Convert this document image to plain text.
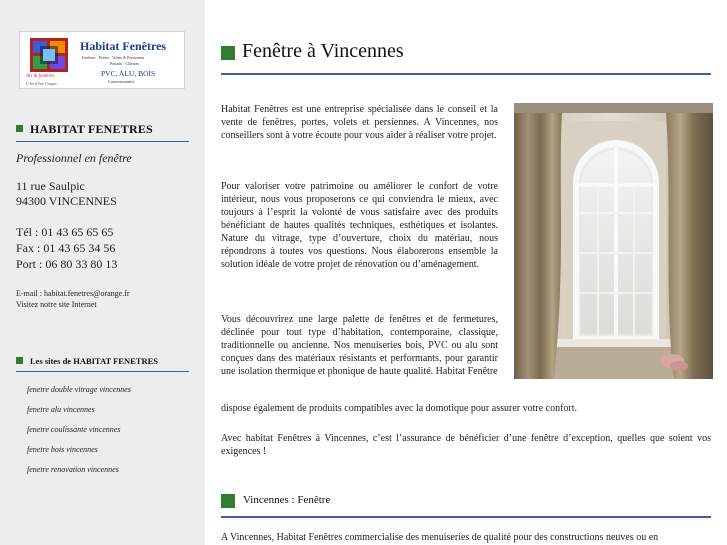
Art & fenêtres
L'Art d'être Unique
Habitat Fenêtres
Fenêtres · Portes · Volets & Persiennes
Portails · Clôtures
PVC, ALU, BOIS
Concessionnaire
HABITAT FENETRES
Professionnel en fenêtre
11 rue Saulpic
94300 VINCENNES
Tél : 01 43 65 65 65
Fax : 01 43 65 34 56
Port : 06 80 33 80 13
E-mail : habitat.fenetres@orange.fr
Visitez notre site Internet
Les sites de HABITAT FENETRES
fenetre double vitrage vincennes
fenetre alu vincennes
fenetre coulissante vincennes
fenetre bois vincennes
fenetre renovation vincennes
Fenêtre à Vincennes

Habitat Fenêtres est une entreprise spécialisée dans le conseil et la vente de fenêtres, portes, volets et persiennes. A Vincennes, nos conseillers sont à votre écoute pour vous aider à réaliser votre projet.

Pour valoriser votre patrimoine ou améliorer le confort de votre intérieur, nous vous proposerons ce qui conviendra le mieux, avec toujours à l’esprit la volonté de vous satisfaire avec des produits bénéficiant de hautes qualités techniques, esthétiques et isolantes. Nature du vitrage, type d’ouverture, choix du matériau, nous répondrons à toutes vos questions. Nous élaborerons ensemble la solution idéale de votre projet de rénovation ou d’aménagement.

Vous découvrirez une large palette de fenêtres et de fermetures, déclinée pour tout type d’habitation, contemporaine, classique, traditionnelle ou ancienne. Nos menuiseries bois, PVC ou alu sont conçues dans des matériaux résistants et performants, pour garantir une isolation thermique et phonique de haute qualité. Habitat Fenêtre

dispose également de produits compatibles avec la domotique pour assurer votre confort.

Avec habitat Fenêtres à Vincennes, c’est l’assurance de bénéficier d’une fenêtre d’exception, quelles que soient vos exigences !

Vincennes : Fenêtre

A Vincennes, Habitat Fenêtres commercialise des menuiseries de qualité pour des constructions neuves ou en
